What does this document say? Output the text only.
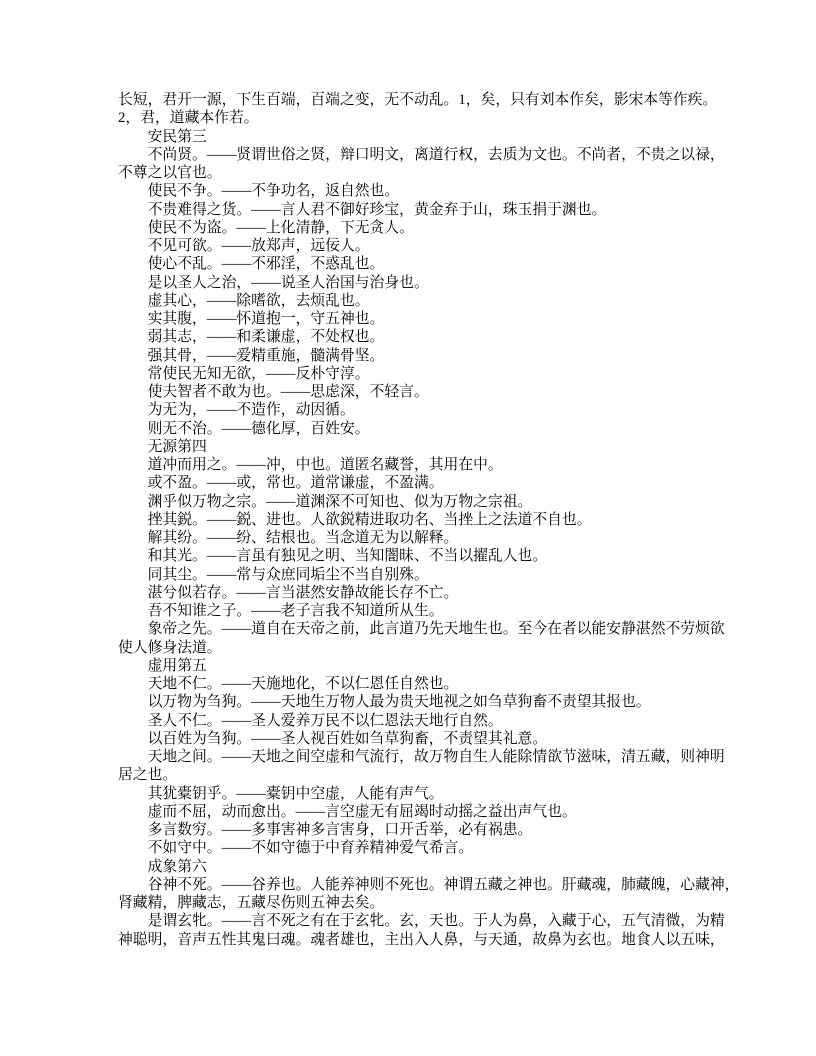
长短，君开一源，下生百端，百端之变，无不动乱。1，矣，只有刘本作矣，影宋本等作疾。
2，君，道藏本作若。
安民第三
不尚贤。——贤谓世俗之贤，辩口明文，离道行权，去质为文也。不尚者，不贵之以禄，
不尊之以官也。
使民不争。——不争功名，返自然也。
不贵难得之货。——言人君不御好珍宝，黄金弃于山，珠玉捐于渊也。
使民不为盗。——上化清静，下无贪人。
不见可欲。——放郑声，远佞人。
使心不乱。——不邪淫，不惑乱也。
是以圣人之治，——说圣人治国与治身也。
虚其心，——除嗜欲，去烦乱也。
实其腹，——怀道抱一，守五神也。
弱其志，——和柔谦虚，不处权也。
强其骨，——爱精重施，髓满骨坚。
常使民无知无欲，——反朴守淳。
使夫智者不敢为也。——思虑深，不轻言。
为无为，——不造作，动因循。
则无不治。——德化厚，百姓安。
无源第四
道冲而用之。——冲，中也。道匿名藏誉，其用在中。
或不盈。——或，常也。道常谦虚，不盈满。
渊乎似万物之宗。——道渊深不可知也、似为万物之宗祖。
挫其鋭。——鋭、进也。人欲鋭精进取功名、当挫上之法道不自也。
解其纷。——纷、结根也。当念道无为以解释。
和其光。——言虽有独见之明、当知闇昧、不当以擢乱人也。
同其尘。——常与众庶同垢尘不当自别殊。
湛兮似若存。——言当湛然安静故能长存不亡。
吾不知谁之子。——老子言我不知道所从生。
象帝之先。——道自在天帝之前，此言道乃先天地生也。至今在者以能安静湛然不劳烦欲
使人修身法道。
虚用第五
天地不仁。——天施地化，不以仁恩任自然也。
以万物为刍狗。——天地生万物人最为贵天地视之如刍草狗畜不责望其报也。
圣人不仁。——圣人爱养万民不以仁恩法天地行自然。
以百姓为刍狗。——圣人视百姓如刍草狗畜，不责望其礼意。
天地之间。——天地之间空虚和气流行，故万物自生人能除情欲节滋味，清五藏，则神明
居之也。
其犹橐钥乎。——橐钥中空虚，人能有声气。
虚而不屈，动而愈出。——言空虚无有屈竭时动摇之益出声气也。
多言数穷。——多事害神多言害身，口开舌举，必有祸患。
不如守中。——不如守德于中育养精神爱气希言。
成象第六
谷神不死。——谷养也。人能养神则不死也。神谓五藏之神也。肝藏魂，肺藏魄，心藏神，
肾藏精，脾藏志，五藏尽伤则五神去矣。
是谓玄牝。——言不死之有在于玄牝。玄，天也。于人为鼻，入藏于心，五气清微，为精
神聪明，音声五性其鬼曰魂。魂者雄也，主出入人鼻，与天通，故鼻为玄也。地食人以五味，
